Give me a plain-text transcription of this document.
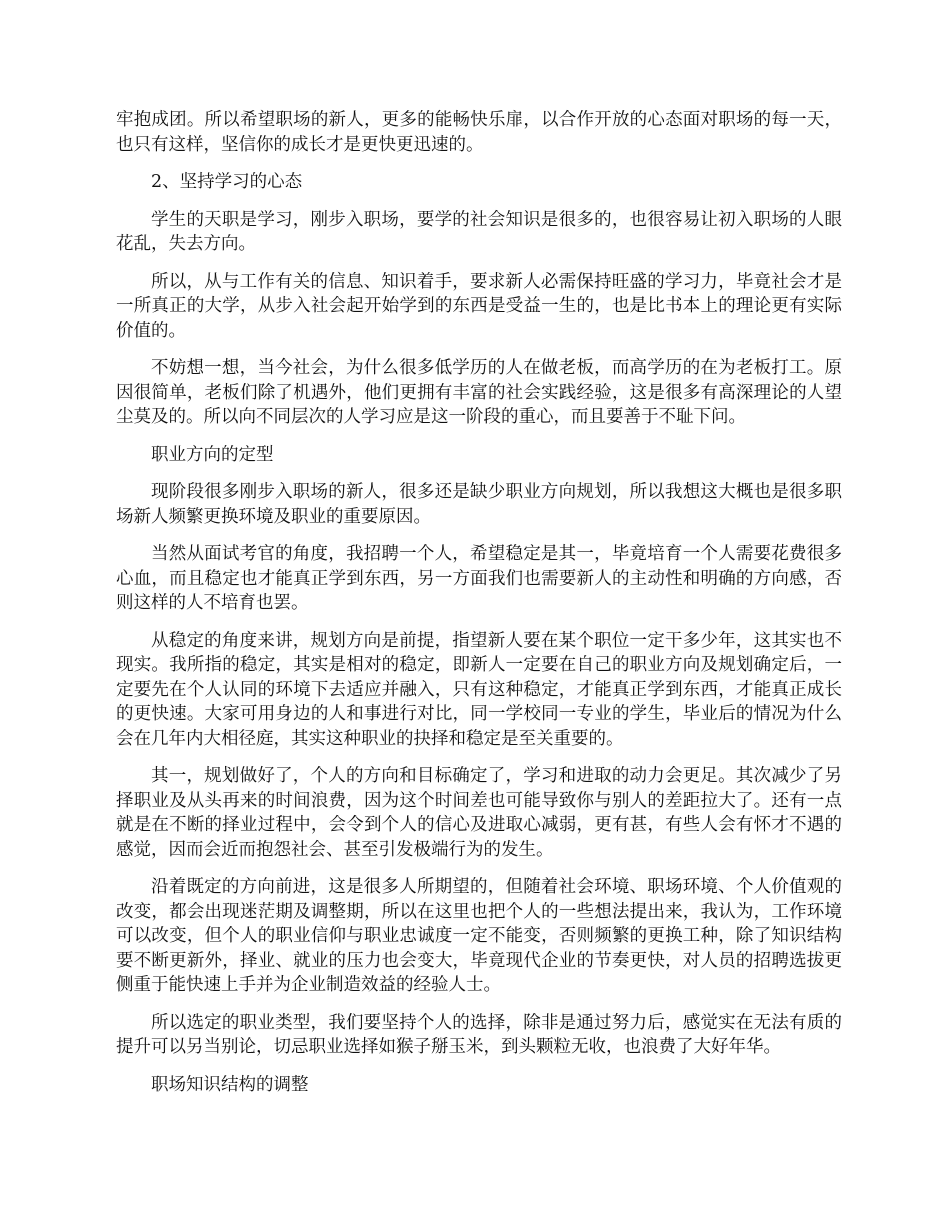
牢抱成团。所以希望职场的新人，更多的能畅快乐扉，以合作开放的心态面对职场的每一天，也只有这样，坚信你的成长才是更快更迅速的。

2、坚持学习的心态

学生的天职是学习，刚步入职场，要学的社会知识是很多的，也很容易让初入职场的人眼花乱，失去方向。

所以，从与工作有关的信息、知识着手，要求新人必需保持旺盛的学习力，毕竟社会才是一所真正的大学，从步入社会起开始学到的东西是受益一生的，也是比书本上的理论更有实际价值的。

不妨想一想，当今社会，为什么很多低学历的人在做老板，而高学历的在为老板打工。原因很简单，老板们除了机遇外，他们更拥有丰富的社会实践经验，这是很多有高深理论的人望尘莫及的。所以向不同层次的人学习应是这一阶段的重心，而且要善于不耻下问。

职业方向的定型

现阶段很多刚步入职场的新人，很多还是缺少职业方向规划，所以我想这大概也是很多职场新人频繁更换环境及职业的重要原因。

当然从面试考官的角度，我招聘一个人，希望稳定是其一，毕竟培育一个人需要花费很多心血，而且稳定也才能真正学到东西，另一方面我们也需要新人的主动性和明确的方向感，否则这样的人不培育也罢。

从稳定的角度来讲，规划方向是前提，指望新人要在某个职位一定干多少年，这其实也不现实。我所指的稳定，其实是相对的稳定，即新人一定要在自己的职业方向及规划确定后，一定要先在个人认同的环境下去适应并融入，只有这种稳定，才能真正学到东西，才能真正成长的更快速。大家可用身边的人和事进行对比，同一学校同一专业的学生，毕业后的情况为什么会在几年内大相径庭，其实这种职业的抉择和稳定是至关重要的。

其一，规划做好了，个人的方向和目标确定了，学习和进取的动力会更足。其次减少了另择职业及从头再来的时间浪费，因为这个时间差也可能导致你与别人的差距拉大了。还有一点就是在不断的择业过程中，会令到个人的信心及进取心减弱，更有甚，有些人会有怀才不遇的感觉，因而会近而抱怨社会、甚至引发极端行为的发生。

沿着既定的方向前进，这是很多人所期望的，但随着社会环境、职场环境、个人价值观的改变，都会出现迷茫期及调整期，所以在这里也把个人的一些想法提出来，我认为，工作环境可以改变，但个人的职业信仰与职业忠诚度一定不能变，否则频繁的更换工种，除了知识结构要不断更新外，择业、就业的压力也会变大，毕竟现代企业的节奏更快，对人员的招聘选拔更侧重于能快速上手并为企业制造效益的经验人士。

所以选定的职业类型，我们要坚持个人的选择，除非是通过努力后，感觉实在无法有质的提升可以另当别论，切忌职业选择如猴子掰玉米，到头颗粒无收，也浪费了大好年华。

职场知识结构的调整
